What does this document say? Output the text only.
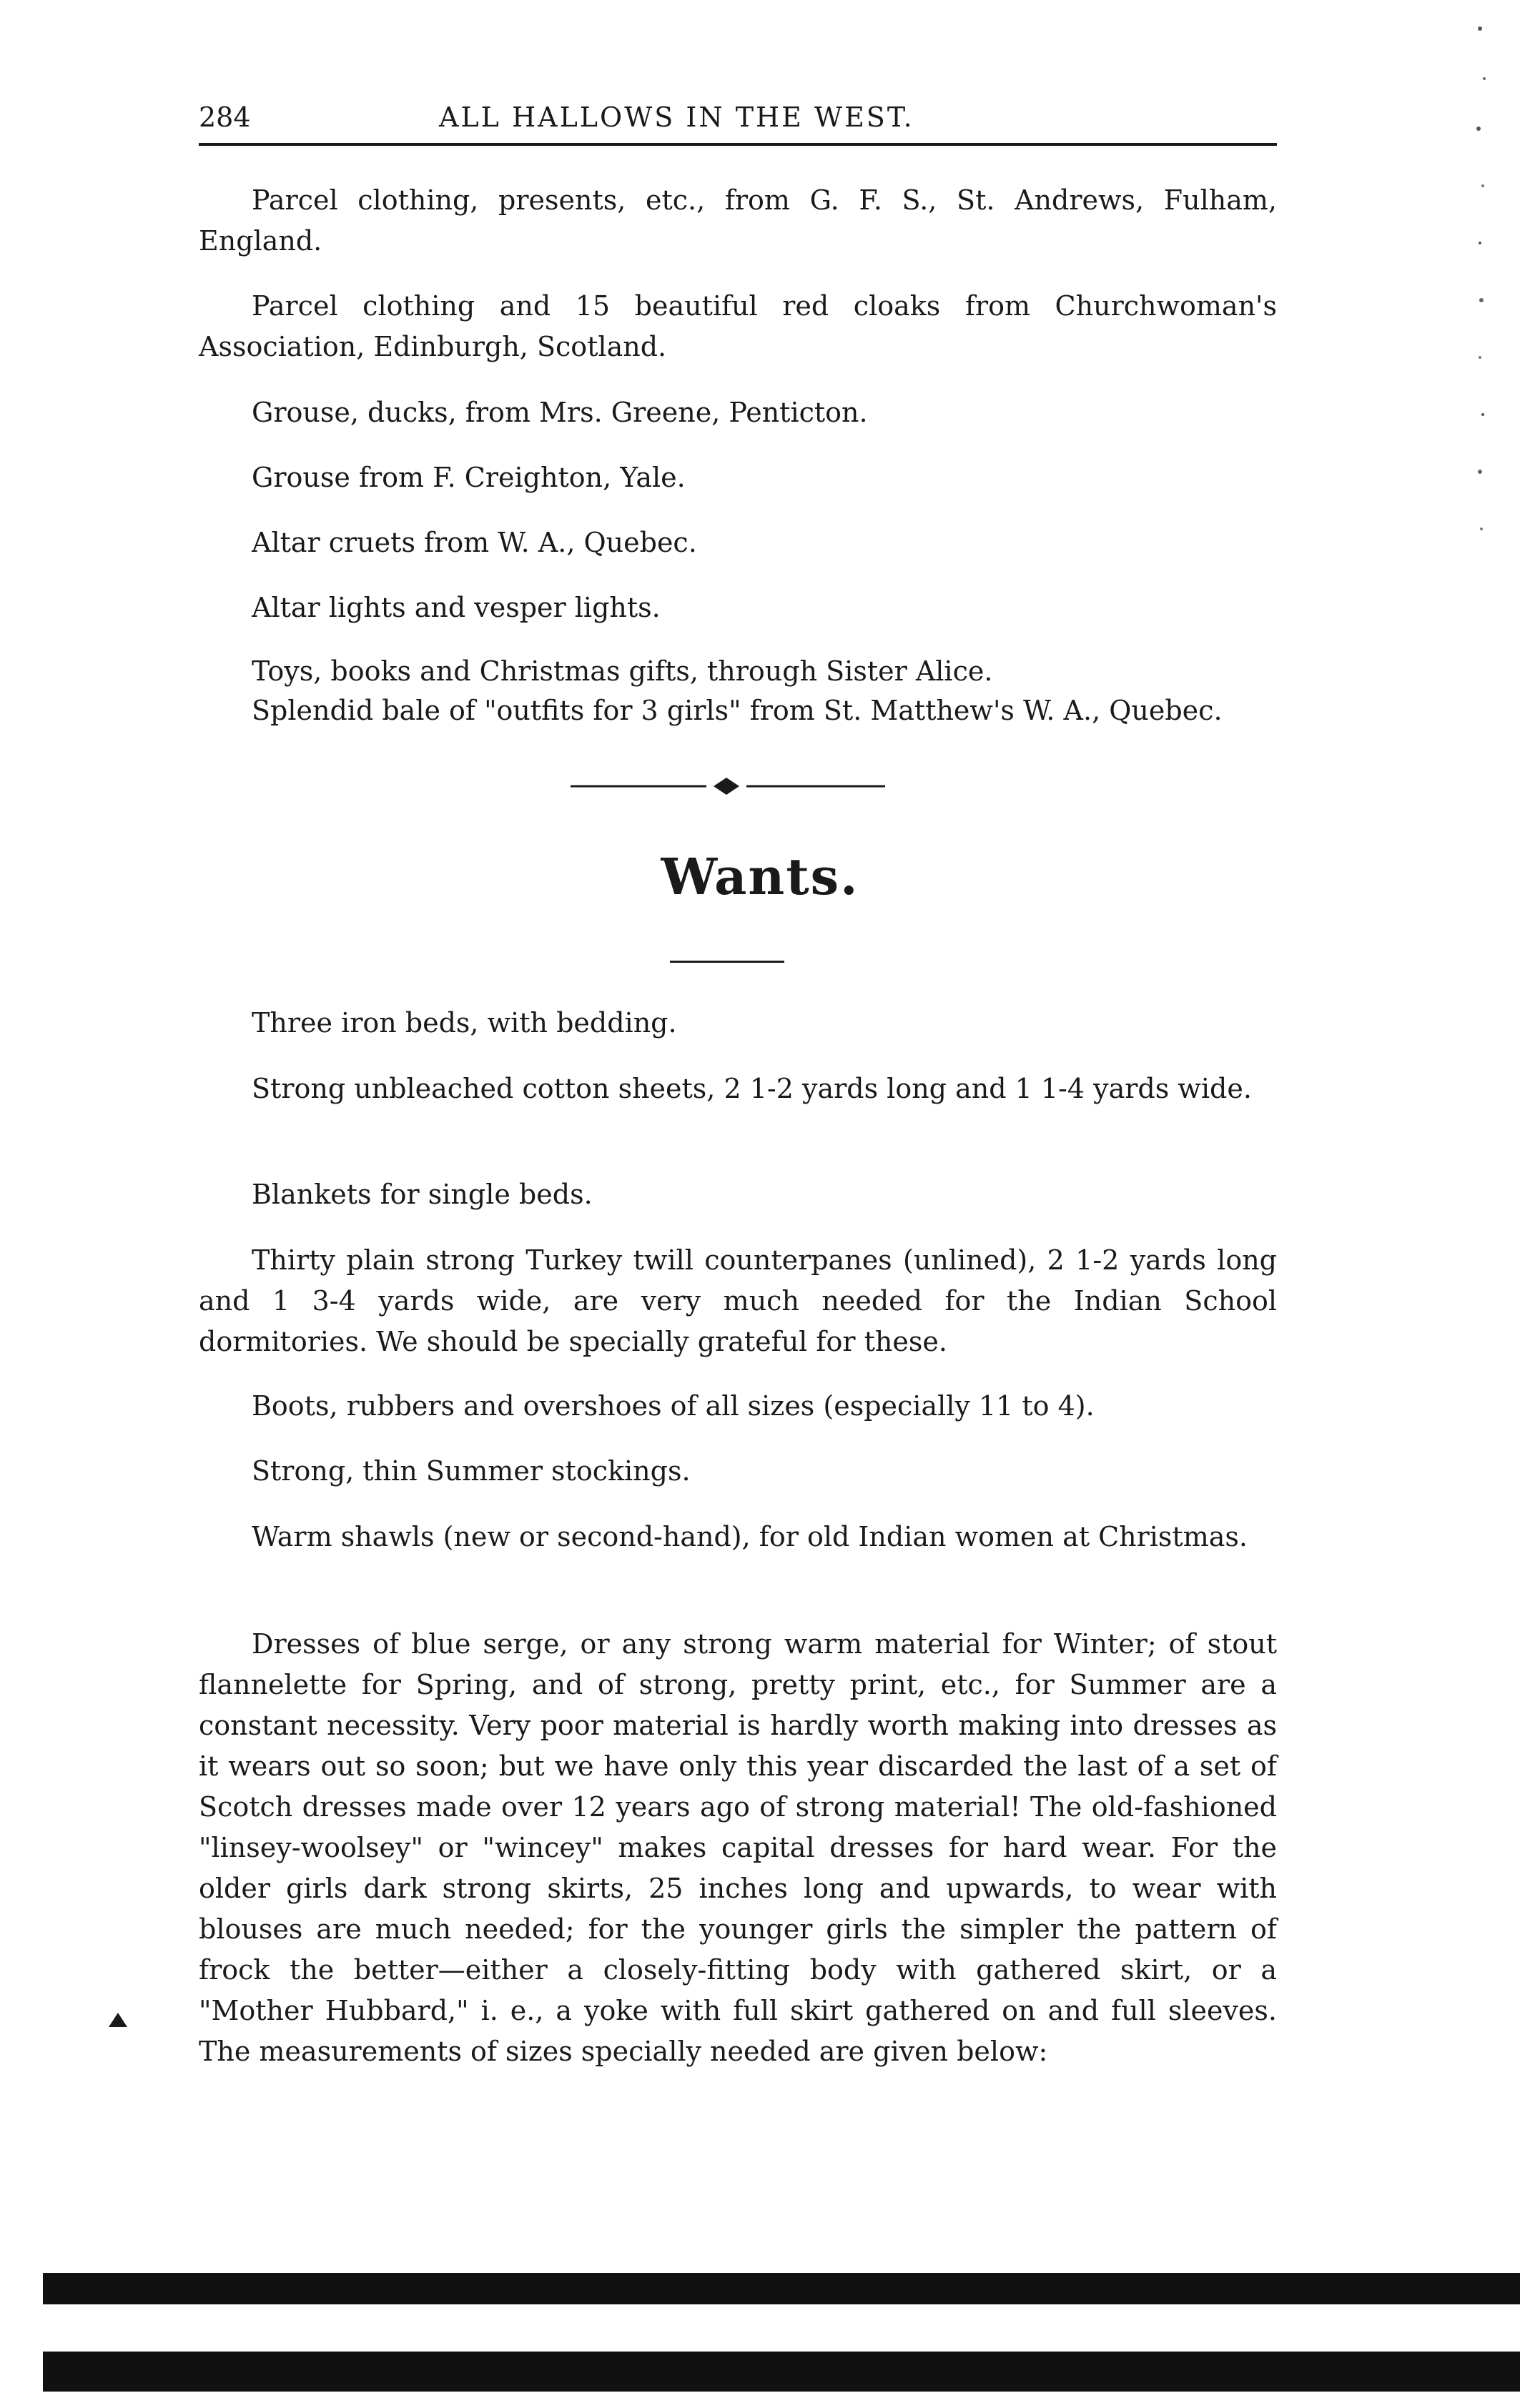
284	ALL HALLOWS IN THE WEST.

Parcel clothing, presents, etc., from G. F. S., St. Andrews, Fulham, England.

Parcel clothing and 15 beautiful red cloaks from Churchwoman's Association, Edinburgh, Scotland.

Grouse, ducks, from Mrs. Greene, Penticton.

Grouse from F. Creighton, Yale.

Altar cruets from W. A., Quebec.

Altar lights and vesper lights.

Toys, books and Christmas gifts, through Sister Alice.

Splendid bale of "outfits for 3 girls" from St. Matthew's W. A., Quebec.

Wants.

Three iron beds, with bedding.

Strong unbleached cotton sheets, 2 1-2 yards long and 1 1-4 yards wide.

Blankets for single beds.

Thirty plain strong Turkey twill counterpanes (unlined), 2 1-2 yards long and 1 3-4 yards wide, are very much needed for the Indian School dormitories. We should be specially grateful for these.

Boots, rubbers and overshoes of all sizes (especially 11 to 4).

Strong, thin Summer stockings.

Warm shawls (new or second-hand), for old Indian women at Christmas.

Dresses of blue serge, or any strong warm material for Winter; of stout flannelette for Spring, and of strong, pretty print, etc., for Summer are a constant necessity. Very poor material is hardly worth making into dresses as it wears out so soon; but we have only this year discarded the last of a set of Scotch dresses made over 12 years ago of strong material! The old-fashioned "linsey-woolsey" or "wincey" makes capital dresses for hard wear. For the older girls dark strong skirts, 25 inches long and upwards, to wear with blouses are much needed; for the younger girls the simpler the pattern of frock the better—either a closely-fitting body with gathered skirt, or a "Mother Hubbard," i. e., a yoke with full skirt gathered on and full sleeves. The measurements of sizes specially needed are given below:
